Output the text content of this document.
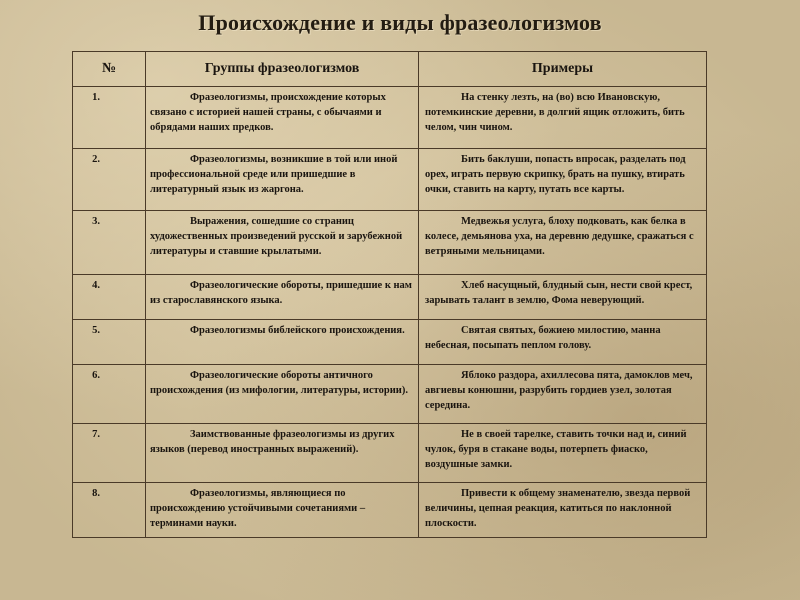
Происхождение и виды фразеологизмов
№	Группы фразеологизмов	Примеры
1.	Фразеологизмы, происхождение которых связано с историей нашей страны, с обычаями и обрядами наших предков.	На стенку лезть, на (во) всю Ивановскую, потемкинские деревни, в долгий ящик отложить, бить челом, чин чином.
2.	Фразеологизмы, возникшие в той или иной профессиональной среде или пришедшие в литературный язык из жаргона.	Бить баклуши, попасть впросак, разделать под орех, играть первую скрипку, брать на пушку, втирать очки, ставить на карту, путать все карты.
3.	Выражения, сошедшие со страниц художественных произведений русской и зарубежной литературы и ставшие крылатыми.	Медвежья услуга, блоху подковать, как белка в колесе, демьянова уха, на деревню дедушке, сражаться с ветряными мельницами.
4.	Фразеологические обороты, пришедшие к нам из старославянского языка.	Хлеб насущный, блудный сын, нести свой крест, зарывать талант в землю, Фома неверующий.
5.	Фразеологизмы библейского происхождения.	Святая святых, божиею милостию, манна небесная, посыпать пеплом голову.
6.	Фразеологические обороты античного происхождения (из мифологии, литературы, истории).	Яблоко раздора, ахиллесова пята, дамоклов меч, авгиевы конюшни, разрубить гордиев узел, золотая середина.
7.	Заимствованные фразеологизмы из других языков (перевод иностранных выражений).	Не в своей тарелке, ставить точки над и, синий чулок, буря в стакане воды, потерпеть фиаско, воздушные замки.
8.	Фразеологизмы, являющиеся по происхождению устойчивыми сочетаниями – терминами науки.	Привести к общему знаменателю, звезда первой величины, цепная реакция, катиться по наклонной плоскости.
